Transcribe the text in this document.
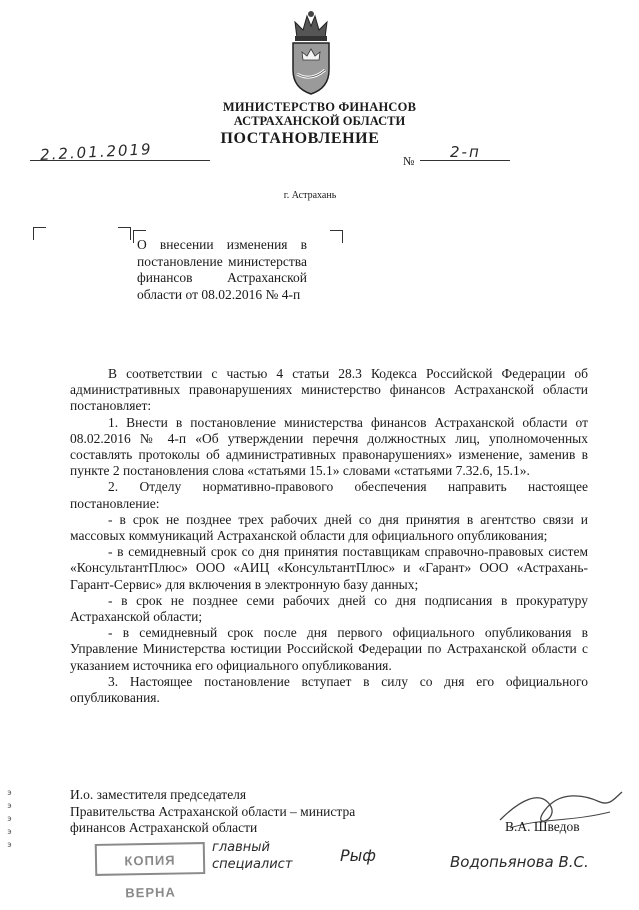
МИНИСТЕРСТВО ФИНАНСОВ
АСТРАХАНСКОЙ ОБЛАСТИ
ПОСТАНОВЛЕНИЕ
2.2.01.2019	№ 2-п
г. Астрахань
О внесении изменения в постановление министерства финансов Астраханской области от 08.02.2016 № 4-п

В соответствии с частью 4 статьи 28.3 Кодекса Российской Федерации об административных правонарушениях министерство финансов Астраханской области постановляет:

1. Внести в постановление министерства финансов Астраханской области от 08.02.2016 № 4-п «Об утверждении перечня должностных лиц, уполномоченных составлять протоколы об административных правонарушениях» изменение, заменив в пункте 2 постановления слова «статьями 15.1» словами «статьями 7.32.6, 15.1».

2. Отделу нормативно-правового обеспечения направить настоящее постановление:

- в срок не позднее трех рабочих дней со дня принятия в агентство связи и массовых коммуникаций Астраханской области для официального опубликования;

- в семидневный срок со дня принятия поставщикам справочно-правовых систем «КонсультантПлюс» ООО «АИЦ «КонсультантПлюс» и «Гарант» ООО «Астрахань-Гарант-Сервис» для включения в электронную базу данных;

- в срок не позднее семи рабочих дней со дня подписания в прокуратуру Астраханской области;

- в семидневный срок после дня первого официального опубликования в Управление Министерства юстиции Российской Федерации по Астраханской области с указанием источника его официального опубликования.

3. Настоящее постановление вступает в силу со дня его официального опубликования.

И.о. заместителя председателя
Правительства Астраханской области – министра
финансов Астраханской области	В.А. Шведов
КОПИЯ ВЕРНА
главный
специалист	Рыф	Водопьянова В.С.
э э э э э
